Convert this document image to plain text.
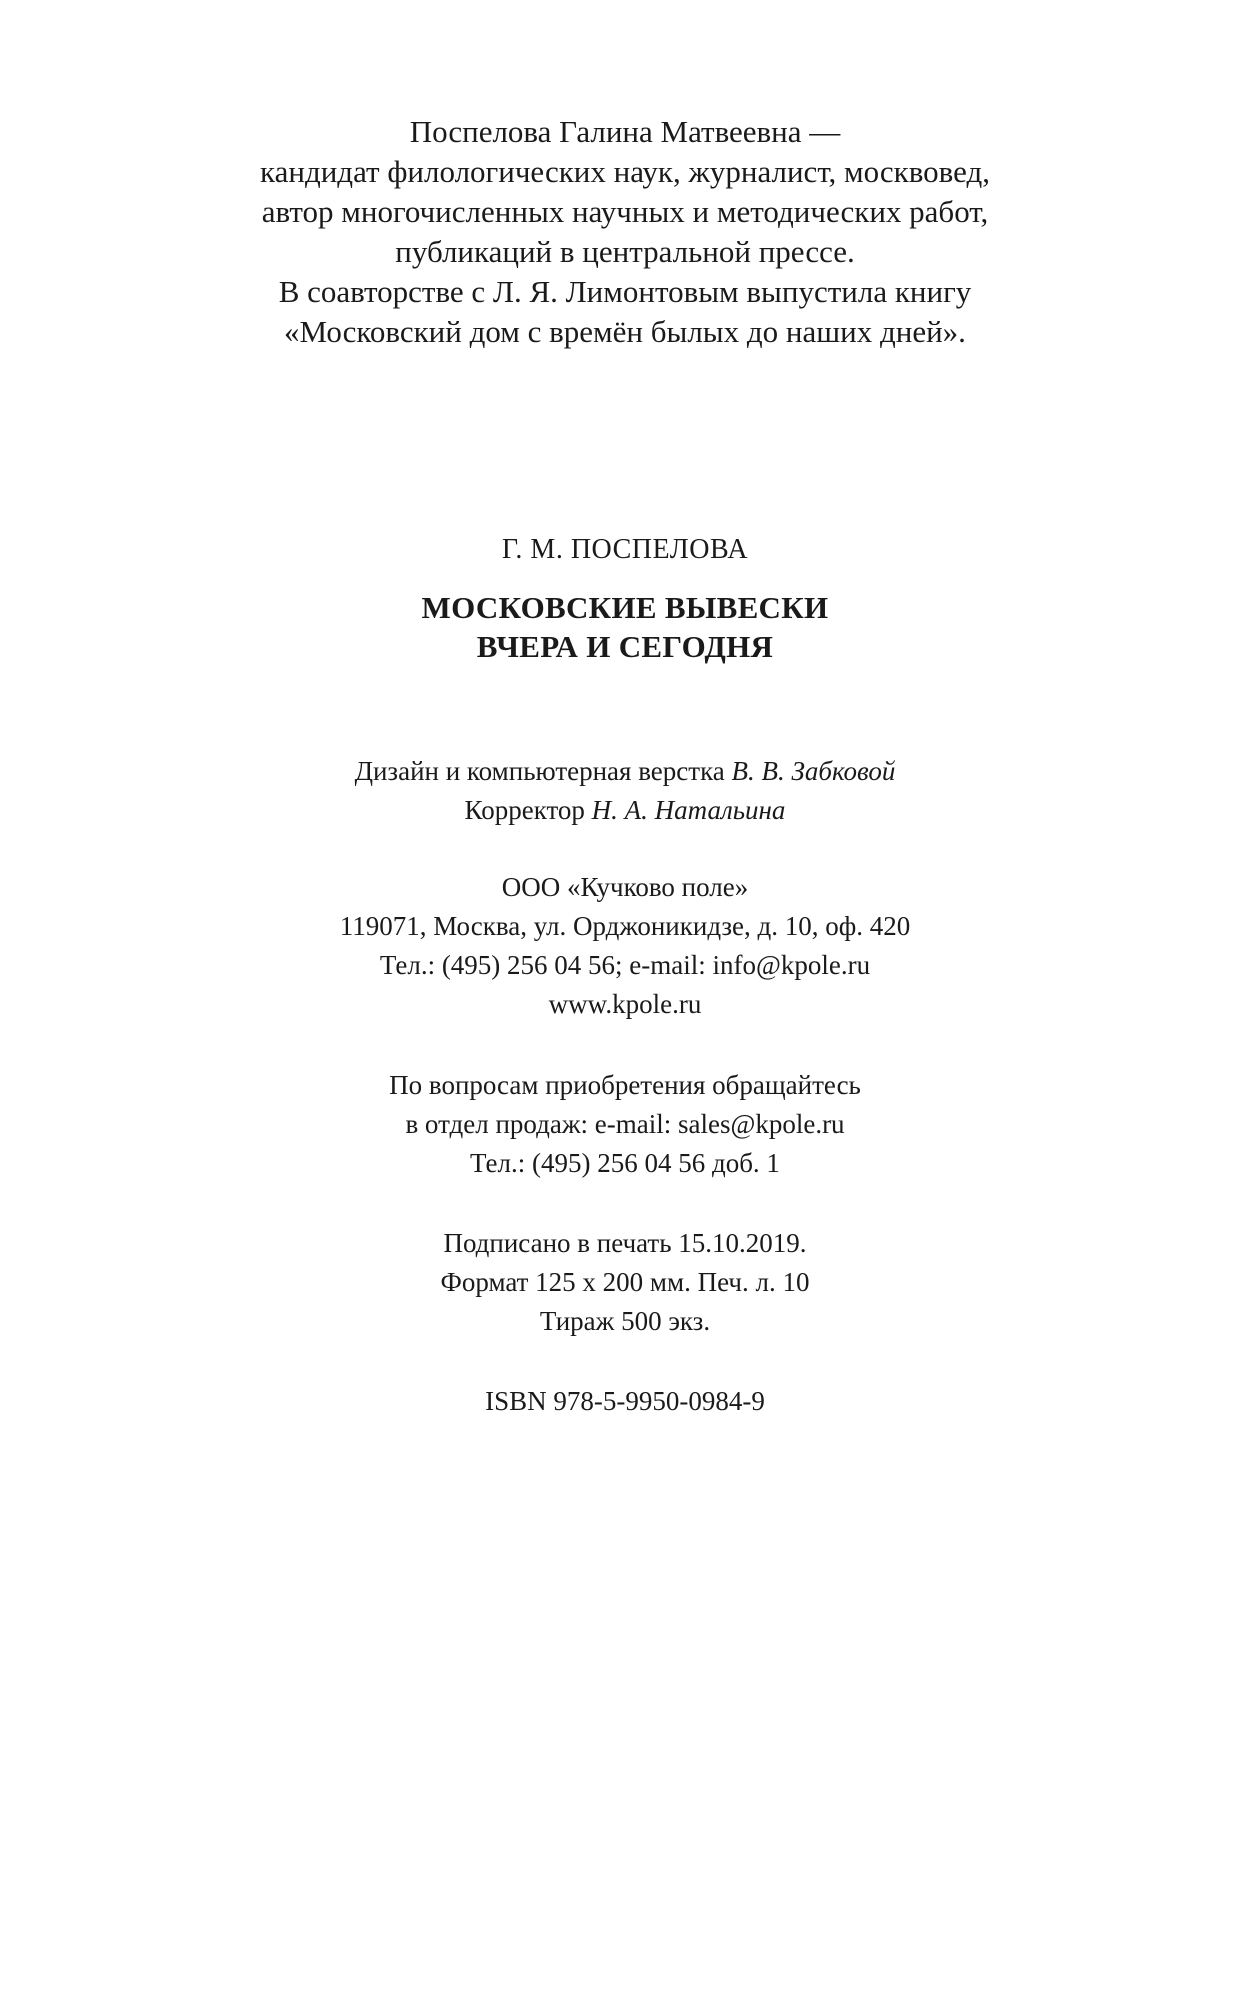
Поспелова Галина Матвеевна —
кандидат филологических наук, журналист, москвовед,
автор многочисленных научных и методических работ,
публикаций в центральной прессе.
В соавторстве с Л. Я. Лимонтовым выпустила книгу
«Московский дом с времён былых до наших дней».
Г. М. ПОСПЕЛОВА
МОСКОВСКИЕ ВЫВЕСКИ
ВЧЕРА И СЕГОДНЯ
Дизайн и компьютерная верстка В. В. Забковой
Корректор Н. А. Натальина
ООО «Кучково поле»
119071, Москва, ул. Орджоникидзе, д. 10, оф. 420
Тел.: (495) 256 04 56; e-mail: info@kpole.ru
www.kpole.ru
По вопросам приобретения обращайтесь
в отдел продаж: e-mail: sales@kpole.ru
Тел.: (495) 256 04 56 доб. 1
Подписано в печать 15.10.2019.
Формат 125 х 200 мм. Печ. л. 10
Тираж 500 экз.
ISBN 978-5-9950-0984-9
